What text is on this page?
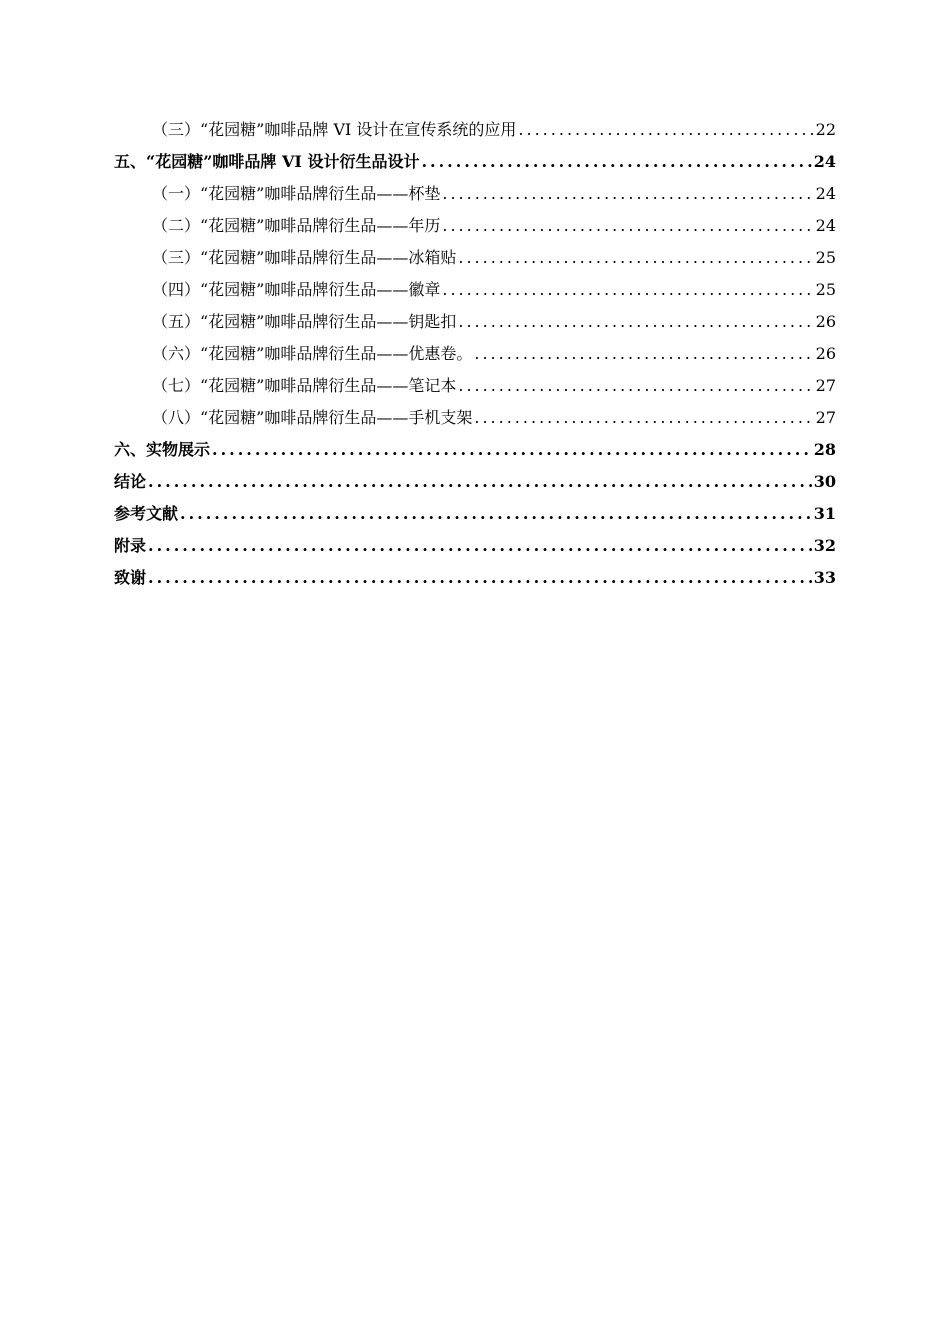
（三）“花园糖”咖啡品牌 VI 设计在宣传系统的应用 .....	22
五、“花园糖”咖啡品牌 VI 设计衍生品设计 .....	24
（一）“花园糖”咖啡品牌衍生品——杯垫 .....	24
（二）“花园糖”咖啡品牌衍生品——年历 .....	24
（三）“花园糖”咖啡品牌衍生品——冰箱贴 .....	25
（四）“花园糖”咖啡品牌衍生品——徽章 .....	25
（五）“花园糖”咖啡品牌衍生品——钥匙扣 .....	26
（六）“花园糖”咖啡品牌衍生品——优惠卷。 .....	26
（七）“花园糖”咖啡品牌衍生品——笔记本 .....	27
（八）“花园糖”咖啡品牌衍生品——手机支架 .....	27
六、实物展示 .....	28
结论 .....	30
参考文献 .....	31
附录 .....	32
致谢 .....	33
